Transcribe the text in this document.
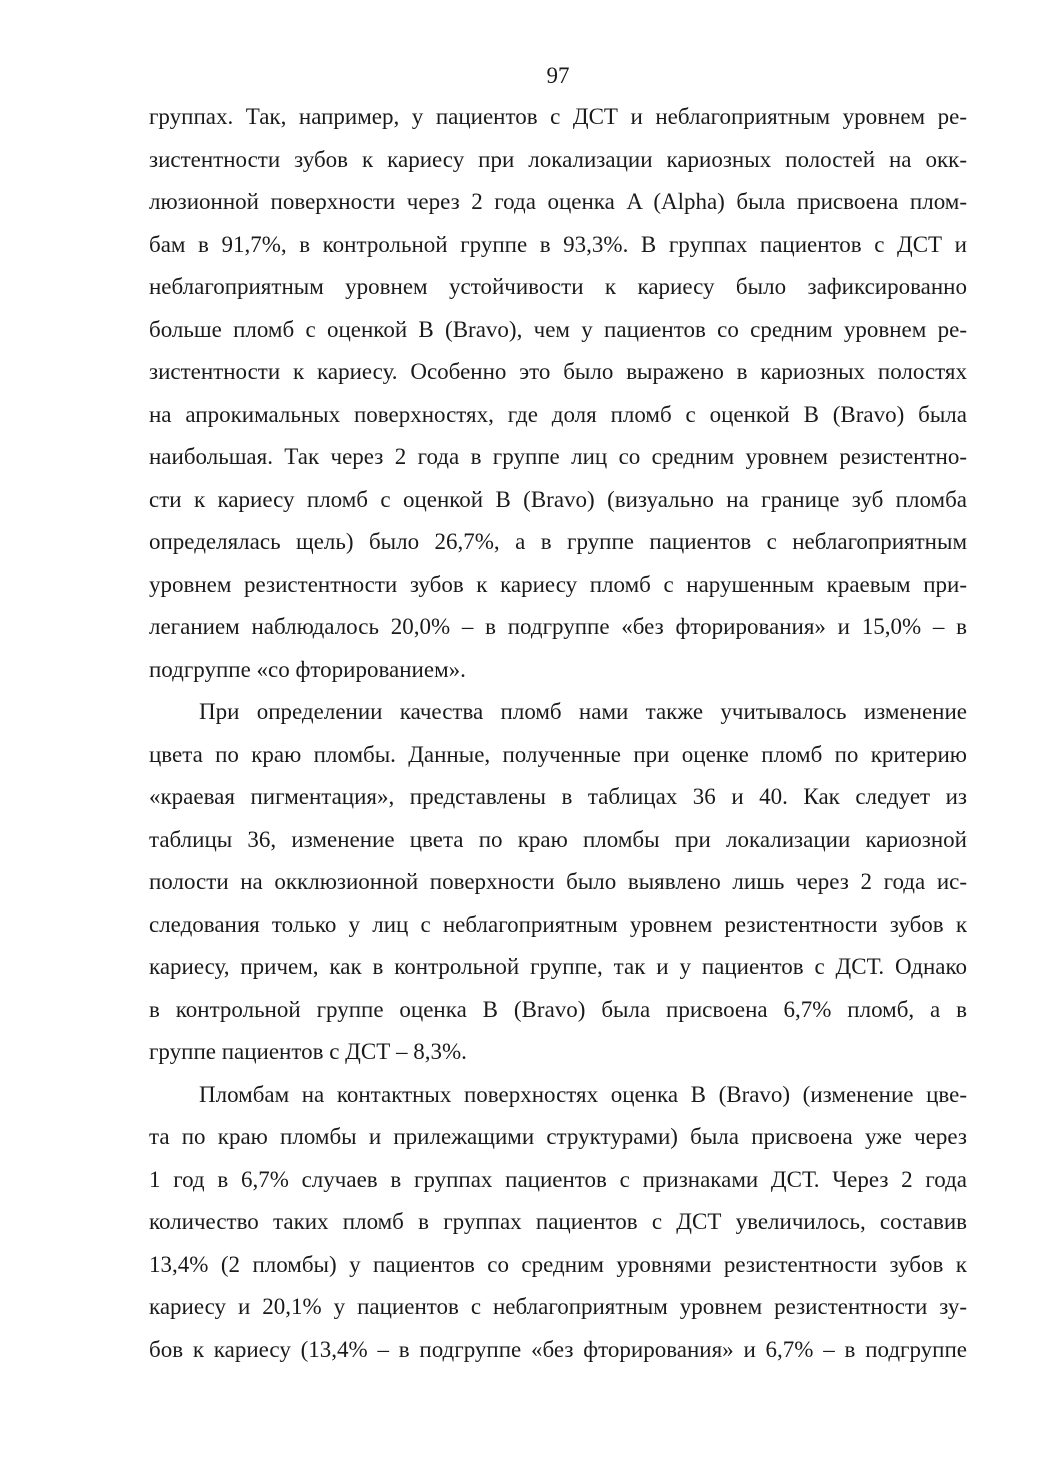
97
группах. Так, например, у пациентов с ДСТ и неблагоприятным уровнем ре-
зистентности зубов к кариесу при локализации кариозных полостей на окк-
люзионной поверхности через 2 года оценка A (Alpha) была присвоена плом-
бам в 91,7%, в контрольной группе в 93,3%. В группах пациентов с ДСТ и
неблагоприятным уровнем устойчивости к кариесу было зафиксированно
больше пломб с оценкой B (Bravo), чем у пациентов со средним уровнем ре-
зистентности к кариесу. Особенно это было выражено в кариозных полостях
на апрокимальных поверхностях, где доля пломб с оценкой B (Bravo) была
наибольшая. Так через 2 года в группе лиц со средним уровнем резистентно-
сти к кариесу пломб с оценкой B (Bravo) (визуально на границе зуб пломба
определялась щель) было 26,7%, а в группе пациентов с неблагоприятным
уровнем резистентности зубов к кариесу пломб с нарушенным краевым при-
леганием наблюдалось 20,0% – в подгруппе «без фторирования» и 15,0% – в
подгруппе «со фторированием».
При определении качества пломб нами также учитывалось изменение
цвета по краю пломбы. Данные, полученные при оценке пломб по критерию
«краевая пигментация», представлены в таблицах 36 и 40. Как следует из
таблицы 36, изменение цвета по краю пломбы при локализации кариозной
полости на окклюзионной поверхности было выявлено лишь через 2 года ис-
следования только у лиц с неблагоприятным уровнем резистентности зубов к
кариесу, причем, как в контрольной группе, так и у пациентов с ДСТ. Однако
в контрольной группе оценка B (Bravo) была присвоена 6,7% пломб, а в
группе пациентов с ДСТ – 8,3%.
Пломбам на контактных поверхностях оценка B (Bravo) (изменение цве-
та по краю пломбы и прилежащими структурами) была присвоена уже через
1 год в 6,7% случаев в группах пациентов с признаками ДСТ. Через 2 года
количество таких пломб в группах пациентов с ДСТ увеличилось, составив
13,4% (2 пломбы) у пациентов со средним уровнями резистентности зубов к
кариесу и 20,1% у пациентов с неблагоприятным уровнем резистентности зу-
бов к кариесу (13,4% – в подгруппе «без фторирования» и 6,7% – в подгруппе
